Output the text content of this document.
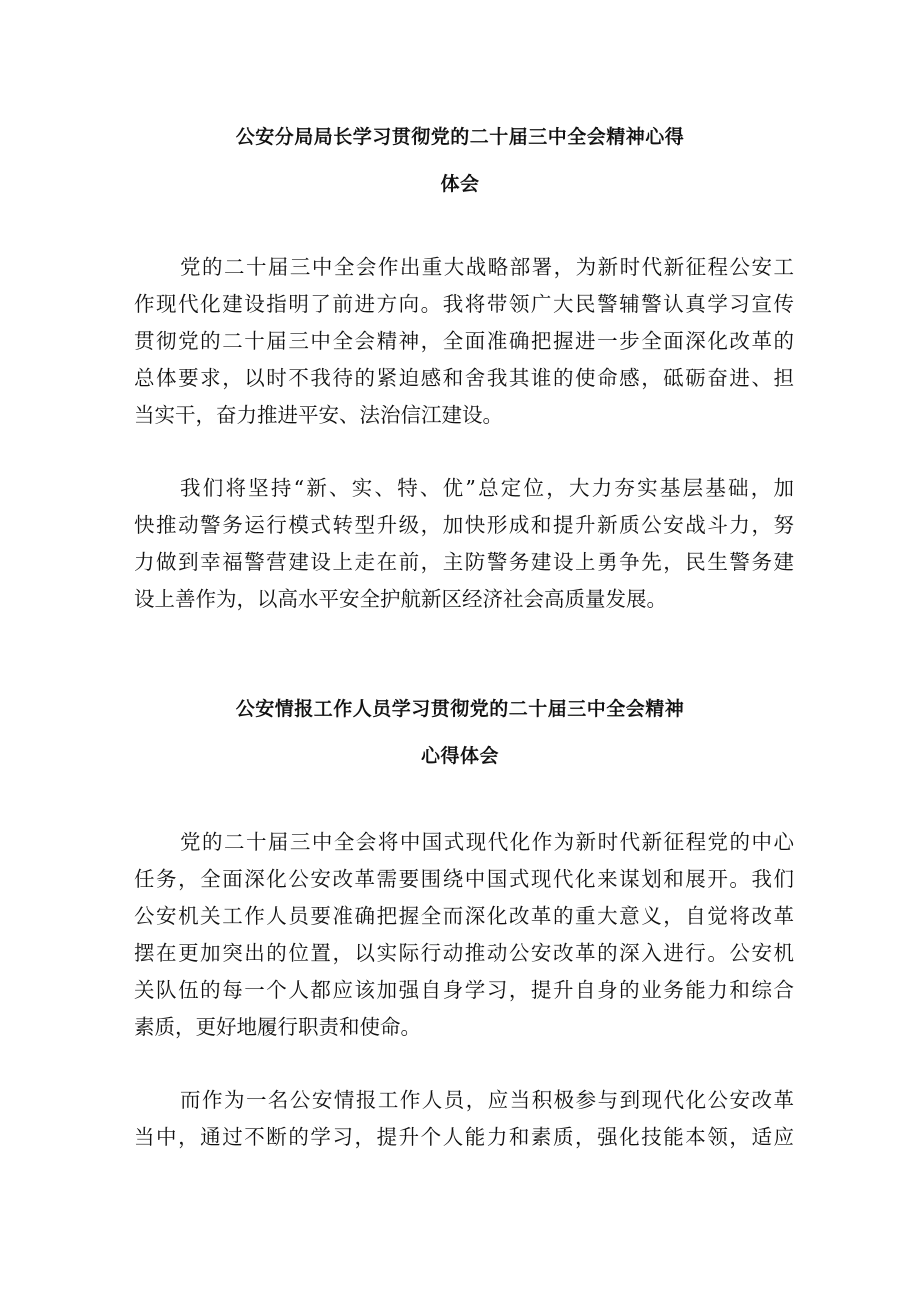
公安分局局长学习贯彻党的二十届三中全会精神心得
体会
党的二十届三中全会作出重大战略部署，为新时代新征程公安工
作现代化建设指明了前进方向。我将带领广大民警辅警认真学习宣传
贯彻党的二十届三中全会精神，全面准确把握进一步全面深化改革的
总体要求，以时不我待的紧迫感和舍我其谁的使命感，砥砺奋进、担
当实干，奋力推进平安、法治信江建设。
我们将坚持“新、实、特、优”总定位，大力夯实基层基础，加
快推动警务运行模式转型升级，加快形成和提升新质公安战斗力，努
力做到幸福警营建设上走在前，主防警务建设上勇争先，民生警务建
设上善作为，以高水平安全护航新区经济社会高质量发展。
公安情报工作人员学习贯彻党的二十届三中全会精神
心得体会
党的二十届三中全会将中国式现代化作为新时代新征程党的中心
任务，全面深化公安改革需要围绕中国式现代化来谋划和展开。我们
公安机关工作人员要准确把握全而深化改革的重大意义，自觉将改革
摆在更加突出的位置，以实际行动推动公安改革的深入进行。公安机
关队伍的每一个人都应该加强自身学习，提升自身的业务能力和综合
素质，更好地履行职责和使命。
而作为一名公安情报工作人员，应当积极参与到现代化公安改革
当中，通过不断的学习，提升个人能力和素质，强化技能本领，适应
